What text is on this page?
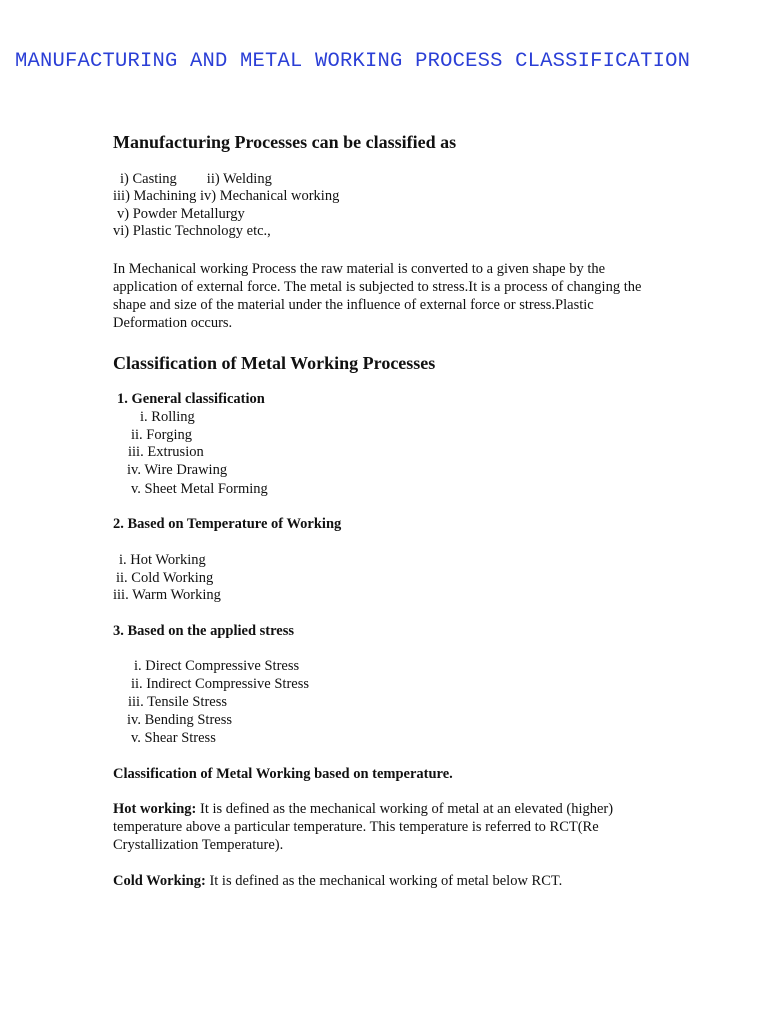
MANUFACTURING AND METAL WORKING PROCESS CLASSIFICATION
Manufacturing Processes can be classified as
i) Casting ii) Welding
iii) Machining iv) Mechanical working
v) Powder Metallurgy
vi) Plastic Technology etc.,
In Mechanical working Process the raw material is converted to a given shape by the application of external force. The metal is subjected to stress.It is a process of changing the shape and size of the material under the influence of external force or stress.Plastic Deformation occurs.
Classification of Metal Working Processes
1. General classification
i. Rolling
ii. Forging
iii. Extrusion
iv. Wire Drawing
v. Sheet Metal Forming
2. Based on Temperature of Working
i. Hot Working
ii. Cold Working
iii. Warm Working
3. Based on the applied stress
i. Direct Compressive Stress
ii. Indirect Compressive Stress
iii. Tensile Stress
iv. Bending Stress
v. Shear Stress
Classification of Metal Working based on temperature.
Hot working: It is defined as the mechanical working of metal at an elevated (higher) temperature above a particular temperature. This temperature is referred to RCT(Re Crystallization Temperature).
Cold Working: It is defined as the mechanical working of metal below RCT.
